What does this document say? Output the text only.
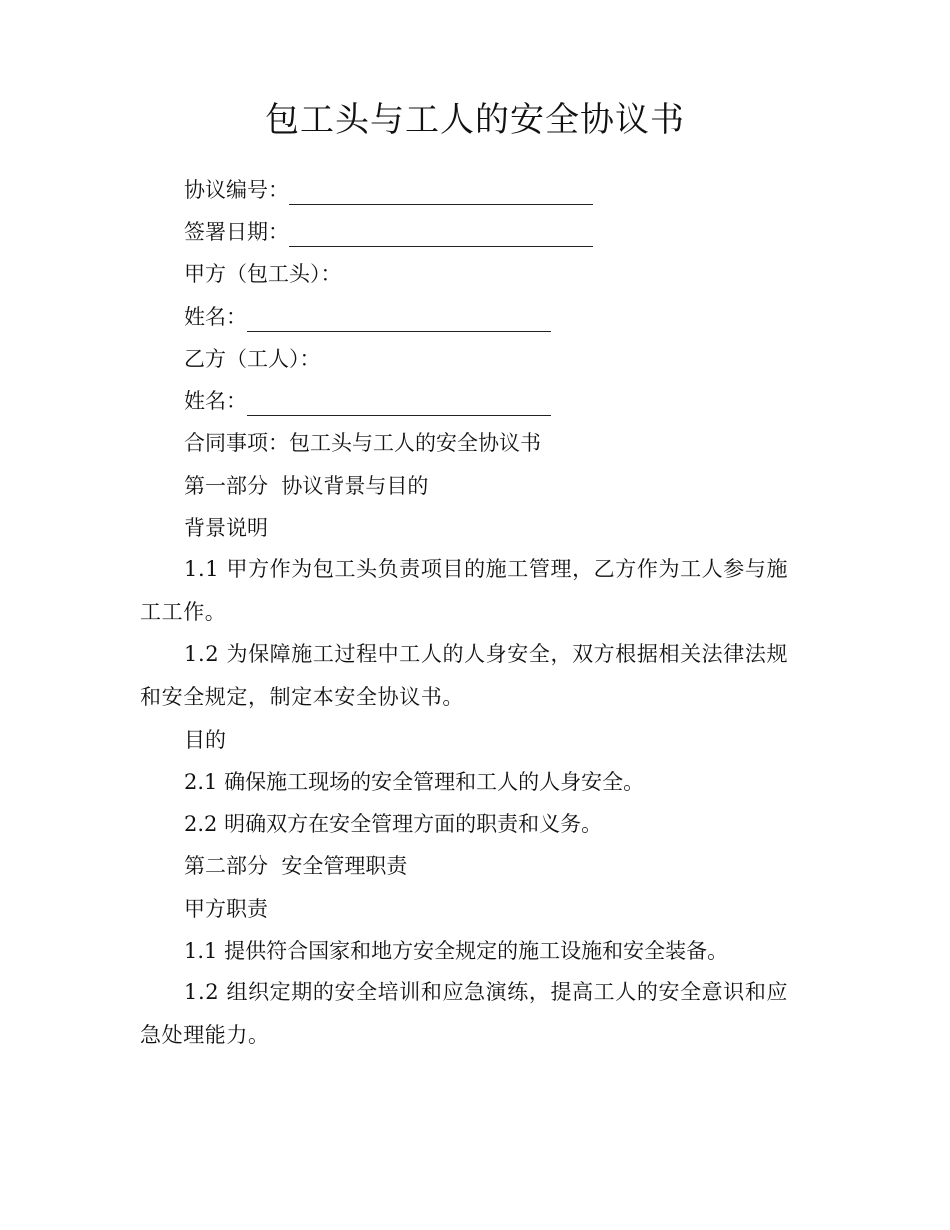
包工头与工人的安全协议书
协议编号：
签署日期：
甲方（包工头）：
姓名：
乙方（工人）：
姓名：
合同事项：包工头与工人的安全协议书
第一部分  协议背景与目的
背景说明
1.1 甲方作为包工头负责项目的施工管理，乙方作为工人参与施工工作。
1.2 为保障施工过程中工人的人身安全，双方根据相关法律法规和安全规定，制定本安全协议书。
目的
2.1 确保施工现场的安全管理和工人的人身安全。
2.2 明确双方在安全管理方面的职责和义务。
第二部分  安全管理职责
甲方职责
1.1 提供符合国家和地方安全规定的施工设施和安全装备。
1.2 组织定期的安全培训和应急演练，提高工人的安全意识和应急处理能力。
